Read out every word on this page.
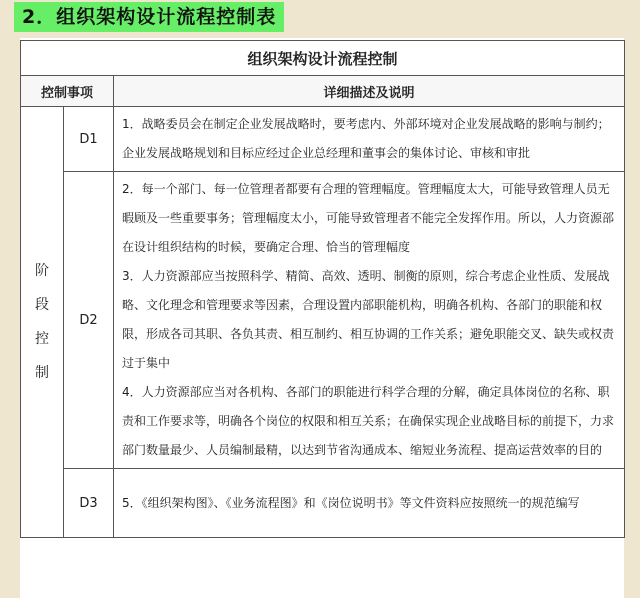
2．组织架构设计流程控制表
组织架构设计流程控制		
控制事项		详细描述及说明

阶
段
控
制	D1	1．战略委员会在制定企业发展战略时，要考虑内、外部环境对企业发展战略的影响与制约；企业发展战略规划和目标应经过企业总经理和董事会的集体讨论、审核和审批

	D2	2．每一个部门、每一位管理者都要有合理的管理幅度。管理幅度太大，可能导致管理人员无暇顾及一些重要事务；管理幅度太小，可能导致管理者不能完全发挥作用。所以，人力资源部在设计组织结构的时候，要确定合理、恰当的管理幅度

3．人力资源部应当按照科学、精简、高效、透明、制衡的原则，综合考虑企业性质、发展战略、文化理念和管理要求等因素，合理设置内部职能机构，明确各机构、各部门的职能和权限，形成各司其职、各负其责、相互制约、相互协调的工作关系；避免职能交叉、缺失或权责过于集中

4．人力资源部应当对各机构、各部门的职能进行科学合理的分解，确定具体岗位的名称、职责和工作要求等，明确各个岗位的权限和相互关系；在确保实现企业战略目标的前提下，力求部门数量最少、人员编制最精，以达到节省沟通成本、缩短业务流程、提高运营效率的目的

	D3	5．《组织架构图》、《业务流程图》和《岗位说明书》等文件资料应按照统一的规范编写
